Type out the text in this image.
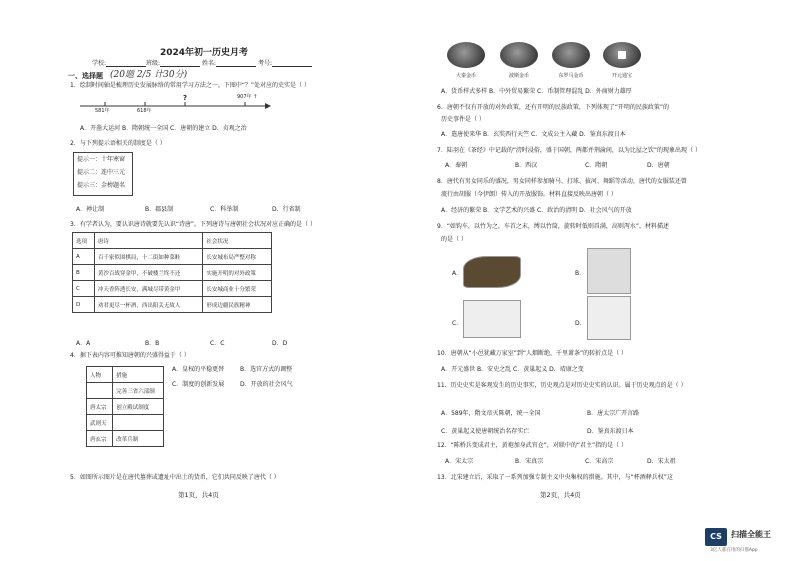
2024年初一历史月考
学校:	班级:	姓名:	考号:
一、选择题 (20题 2/5 计30分)
1．绘制时间轴是梳理历史发展脉络的常用学习方法之一。下图中“？”处对应的史实是（ ）
581年	618年
?	907年 ↑
A．开凿大运河 B．隋朝统一全国 C．唐朝的建立 D．贞观之治
2．与下列提示语相关的制度是（ ）
提示一：十年寒窗
提示二：连中三元
提示三：金榜题名
A．禅让制	B．郡县制	C．科举制	D．行省制
3．有学者认为，要认识唐诗就要先认识“诗唐”。下列唐诗与唐朝社会状况对应正确的是（ ）
选项	唐诗	社会状况
A	百千家似围棋局，十二街如种菜畦	长安城布局严整对称
B	黄沙百战穿金甲，不破楼兰终不还	实施开明的对外政策
C	冲天香阵透长安，满城尽带黄金甲	长安城商业十分繁荣
D	劝君更尽一杯酒，西出阳关无故人	形成边疆民族精神
A．A	B．B	C．C	D．D
4．据下表内容可推知唐朝的兴盛得益于（ ）
人物	措施
	完善三省六部制
唐太宗	创立殿试制度
武则天	
唐玄宗	改革兵制
A．皇权的平稳更替	B．选官方式的调整
C．制度的创新发展	D．开放的社会风气
5．如图所示图片是在唐代墓葬或遗址中出土的货币，它们共同反映了唐代（ ）
第1页，共4页
大秦金币	波斯金币	东罗马金币	开元通宝
A．货币样式多样 B．中外贸易繁荣 C．币制管理混乱 D．外商财力雄厚
6．唐朝不仅有开放的对外政策，还有开明的民族政策，下列体现了“开明的民族政策”的
历史事件是（ ）
A．遣唐使来华 B．玄奘西行天竺 C．文成公主入藏 D．鉴真东渡日本
7．陆羽在《茶经》中记载的“滂时浸俗，盛于国朝，两都并荆渝间，以为比屋之饮”的现象出现（ ）
A．秦朝	B．西汉	C．隋朝	D．唐朝
8．唐代有男女同乐的盛况，男女同样参加骑马、打球、拔河、舞蹈等活动，唐代的女服装还曾
流行由胡服（今伊朗）传入的开放服饰。材料直接反映出唐朝（ ）
A．经济的繁荣 B．文学艺术的兴盛 C．政治的清明 D．社会风气的开放
9．“如钩车，以竹为之，车首之末，缚以竹筒，旋转时低则舀满，高则泻水”，材料描述
的是（ ）
A．	B．
C．	D．
10．唐朝从“小邑犹藏万家室”到“人烟断绝，千里萧条”的转折点是（ ）
A．开元盛世 B．安史之乱 C．黄巢起义 D．靖康之变
11．历史史实是客观发生的历史事实，历史观点是对历史史实的认识。属于历史观点的是（ ）
A．589年，隋文帝灭陈朝，统一全国	B．唐太宗广开言路
C．黄巢起义使唐朝统治名存实亡	D．鉴真东渡日本
12．“陈桥兵变成君主，黄袍加身武官仓”，对联中的“君主”指的是（ ）
A．宋太宗	B．宋真宗	C．宋高宗	D．宋太祖
13．北宋建立后，采取了一系列加强专制主义中央集权的措施。其中，与“杯酒释兵权”这
第2页，共4页
CS	扫描全能王
3亿人都在用的扫描App
